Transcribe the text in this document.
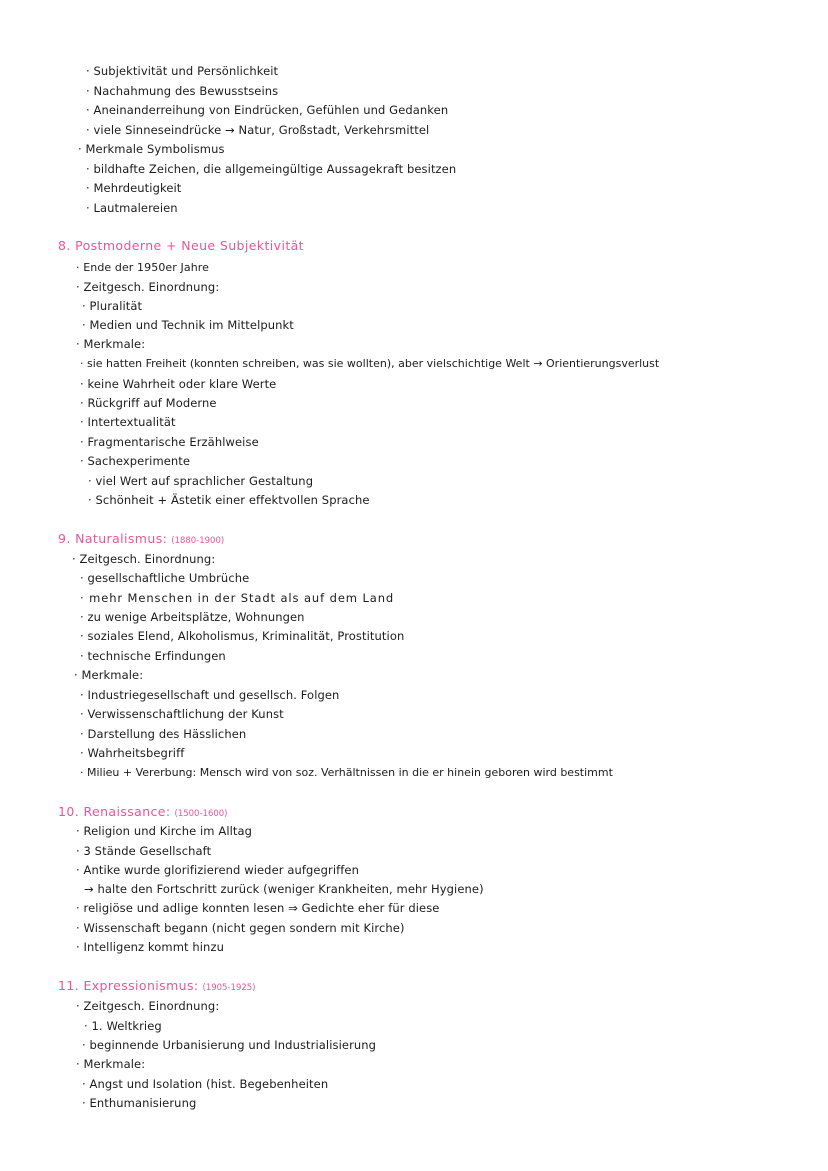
· Subjektivität und Persönlichkeit
· Nachahmung des Bewusstseins
· Aneinanderreihung von Eindrücken, Gefühlen und Gedanken
· viele Sinneseindrücke → Natur, Großstadt, Verkehrsmittel
· Merkmale Symbolismus
· bildhafte Zeichen, die allgemeingültige Aussagekraft besitzen
· Mehrdeutigkeit
· Lautmalereien
8. Postmoderne + Neue Subjektivität
· Ende der 1950er Jahre
· Zeitgesch. Einordnung:
· Pluralität
· Medien und Technik im Mittelpunkt
· Merkmale:
· sie hatten Freiheit (konnten schreiben, was sie wollten), aber vielschichtige Welt → Orientierungsverlust
· keine Wahrheit oder klare Werte
· Rückgriff auf Moderne
· Intertextualität
· Fragmentarische Erzählweise
· Sachexperimente
· viel Wert auf sprachlicher Gestaltung
· Schönheit + Ästetik einer effektvollen Sprache
9. Naturalismus: (1880-1900)
· Zeitgesch. Einordnung:
· gesellschaftliche Umbrüche
· mehr Menschen in der Stadt als auf dem Land
· zu wenige Arbeitsplätze, Wohnungen
· soziales Elend, Alkoholismus, Kriminalität, Prostitution
· technische Erfindungen
· Merkmale:
· Industriegesellschaft und gesellsch. Folgen
· Verwissenschaftlichung der Kunst
· Darstellung des Hässlichen
· Wahrheitsbegriff
· Milieu + Vererbung: Mensch wird von soz. Verhältnissen in die er hinein geboren wird bestimmt
10. Renaissance: (1500-1600)
· Religion und Kirche im Alltag
· 3 Stände Gesellschaft
· Antike wurde glorifizierend wieder aufgegriffen
→ halte den Fortschritt zurück (weniger Krankheiten, mehr Hygiene)
· religiöse und adlige konnten lesen ⇒ Gedichte eher für diese
· Wissenschaft begann (nicht gegen sondern mit Kirche)
· Intelligenz kommt hinzu
11. Expressionismus: (1905-1925)
· Zeitgesch. Einordnung:
· 1. Weltkrieg
· beginnende Urbanisierung und Industrialisierung
· Merkmale:
· Angst und Isolation (hist. Begebenheiten
· Enthumanisierung
